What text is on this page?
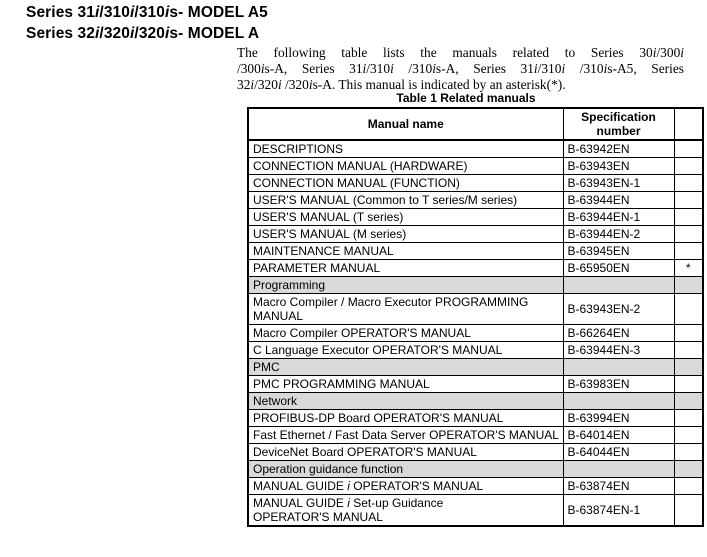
Series 31i/310i/310is- MODEL A5
Series 32i/320i/320is- MODEL A
The following table lists the manuals related to Series 30i/300i
/300is-A, Series 31i/310i /310is-A, Series 31i/310i /310is-A5, Series
32i/320i /320is-A. This manual is indicated by an asterisk(*).
Table 1 Related manuals
Manual name	Specification
number	
DESCRIPTIONS	B-63942EN	
CONNECTION MANUAL (HARDWARE)	B-63943EN	
CONNECTION MANUAL (FUNCTION)	B-63943EN-1	
USER'S MANUAL (Common to T series/M series)	B-63944EN	
USER'S MANUAL (T series)	B-63944EN-1	
USER'S MANUAL (M series)	B-63944EN-2	
MAINTENANCE MANUAL	B-63945EN	
PARAMETER MANUAL	B-65950EN	*
Programming		
Macro Compiler / Macro Executor PROGRAMMING
MANUAL	B-63943EN-2	
Macro Compiler OPERATOR'S MANUAL	B-66264EN	
C Language Executor OPERATOR'S MANUAL	B-63944EN-3	
PMC		
PMC PROGRAMMING MANUAL	B-63983EN	
Network		
PROFIBUS-DP Board OPERATOR'S MANUAL	B-63994EN	
Fast Ethernet / Fast Data Server OPERATOR'S MANUAL	B-64014EN	
DeviceNet Board OPERATOR'S MANUAL	B-64044EN	
Operation guidance function		
MANUAL GUIDE i OPERATOR'S MANUAL	B-63874EN	
MANUAL GUIDE i Set-up Guidance
OPERATOR'S MANUAL	B-63874EN-1	
